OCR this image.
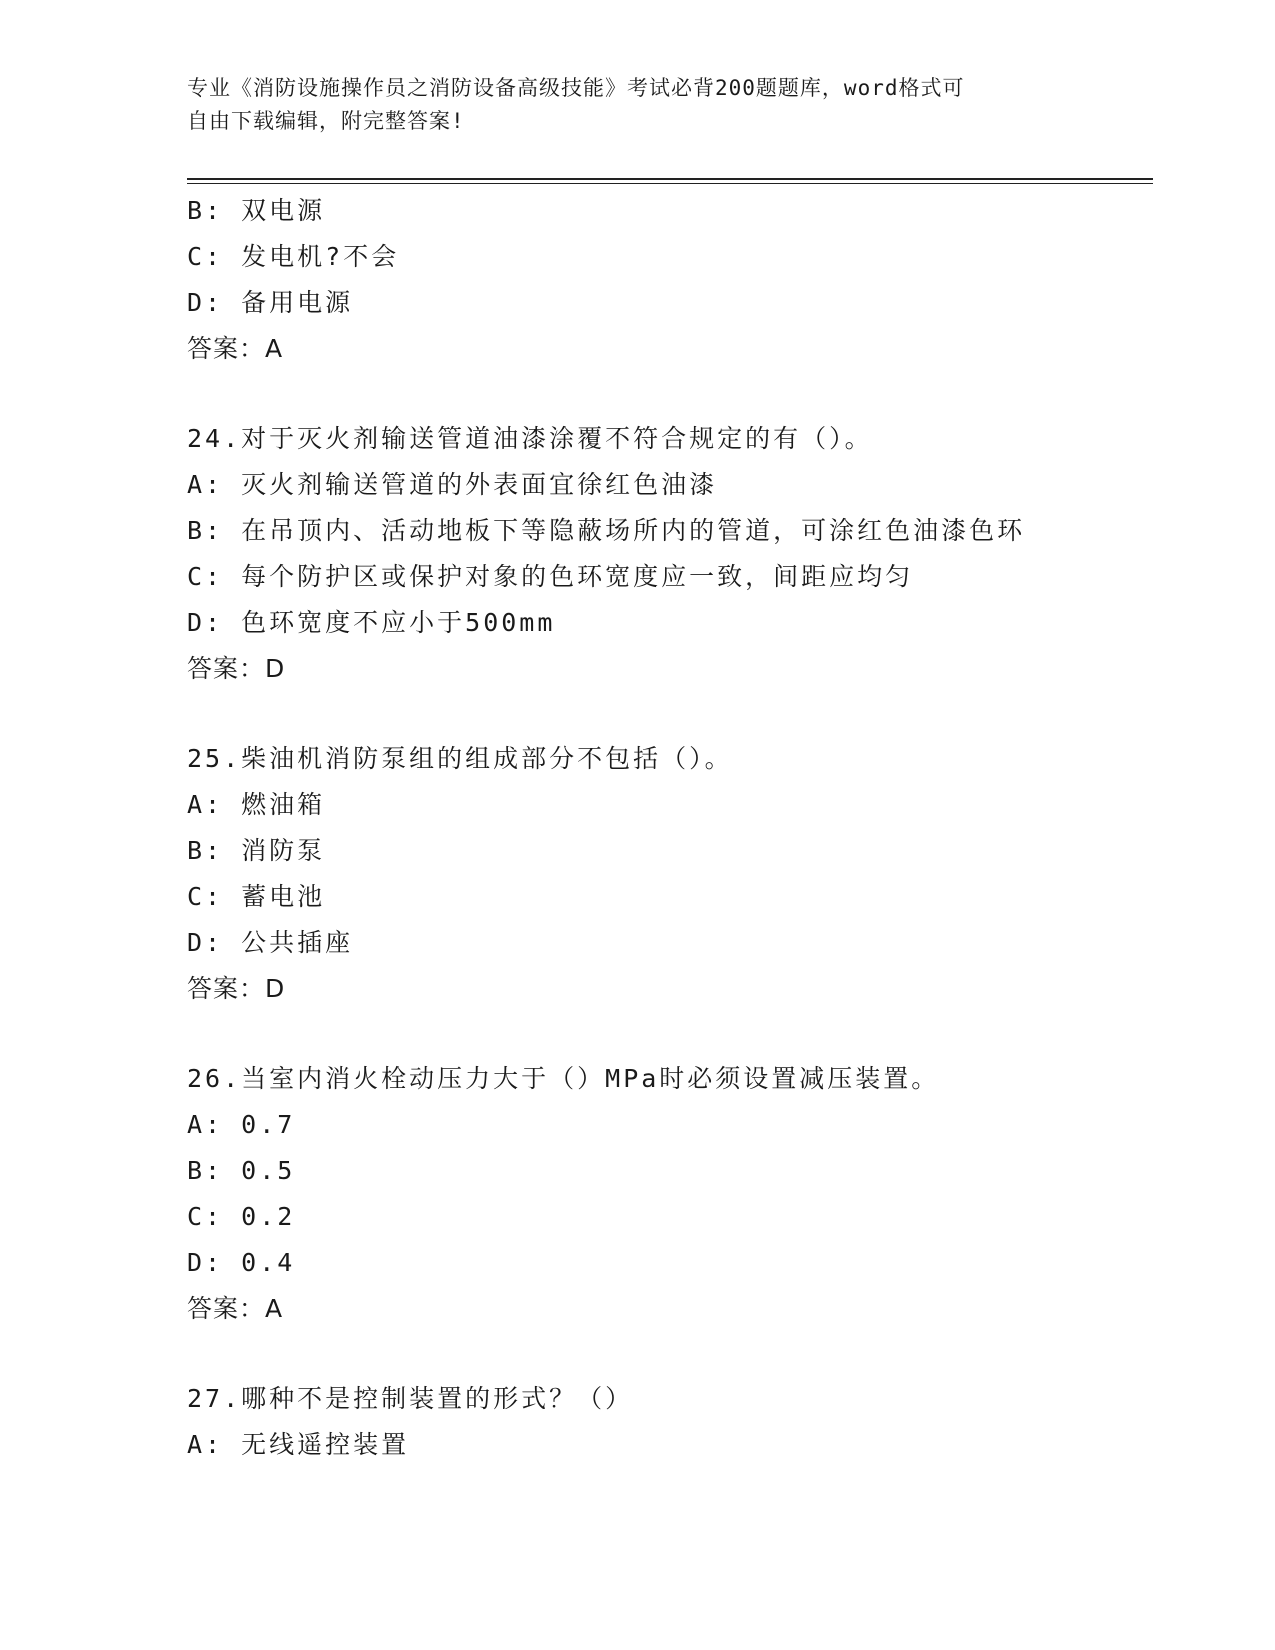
专业《消防设施操作员之消防设备高级技能》考试必背200题题库，word格式可
自由下载编辑，附完整答案!
B: 双电源
C: 发电机?不会
D: 备用电源
答案：A
24.对于灭火剂输送管道油漆涂覆不符合规定的有（）。
A: 灭火剂输送管道的外表面宜徐红色油漆
B: 在吊顶内、活动地板下等隐蔽场所内的管道，可涂红色油漆色环
C: 每个防护区或保护对象的色环宽度应一致，间距应均匀
D: 色环宽度不应小于500mm
答案：D
25.柴油机消防泵组的组成部分不包括（）。
A: 燃油箱
B: 消防泵
C: 蓄电池
D: 公共插座
答案：D
26.当室内消火栓动压力大于（）MPa时必须设置减压装置。
A: 0.7
B: 0.5
C: 0.2
D: 0.4
答案：A
27.哪种不是控制装置的形式？（）
A: 无线遥控装置
